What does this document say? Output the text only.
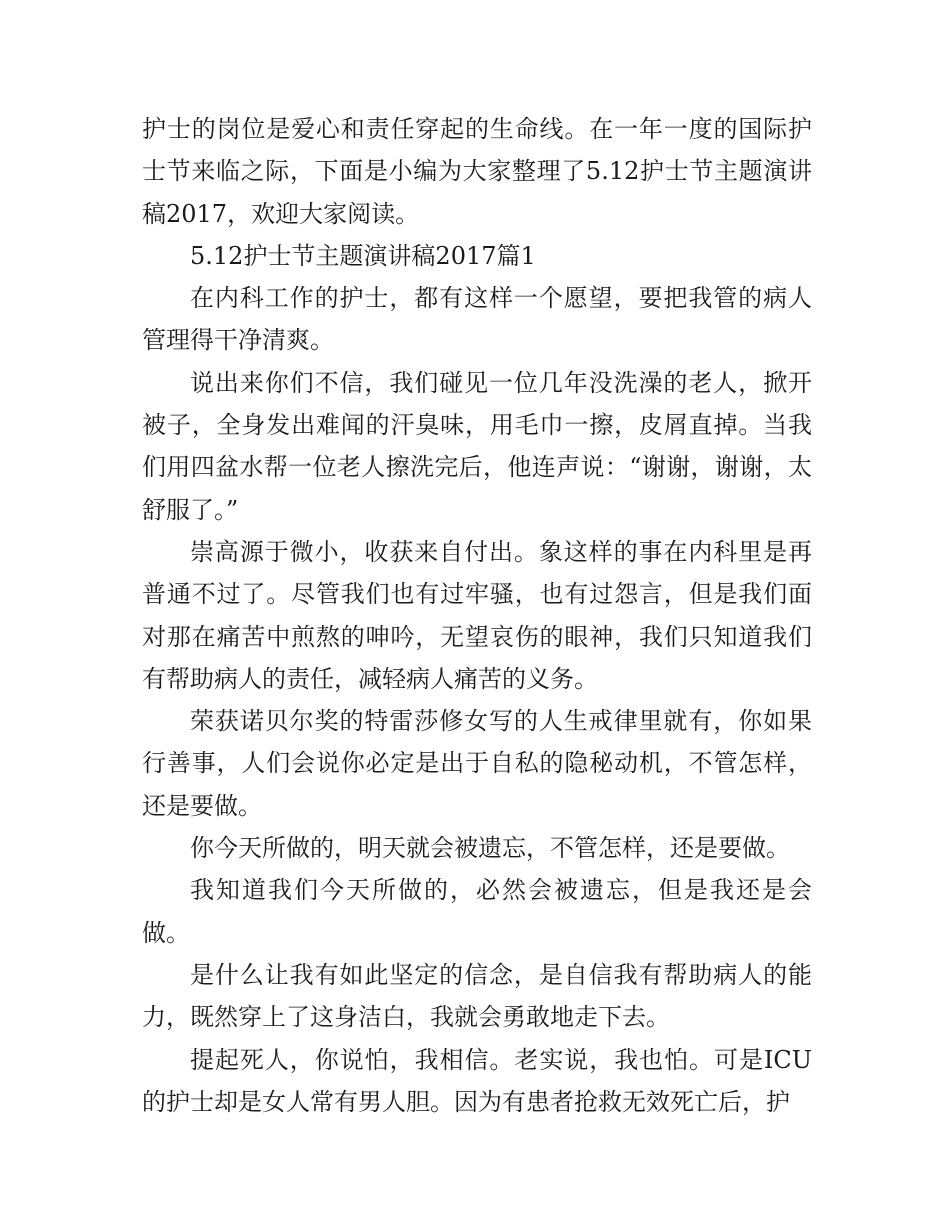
护士的岗位是爱心和责任穿起的生命线。在一年一度的国际护士节来临之际，下面是小编为大家整理了5.12护士节主题演讲稿2017，欢迎大家阅读。

5.12护士节主题演讲稿2017篇1

在内科工作的护士，都有这样一个愿望，要把我管的病人管理得干净清爽。

说出来你们不信，我们碰见一位几年没洗澡的老人，掀开被子，全身发出难闻的汗臭味，用毛巾一擦，皮屑直掉。当我们用四盆水帮一位老人擦洗完后，他连声说：“谢谢，谢谢，太舒服了。”

崇高源于微小，收获来自付出。象这样的事在内科里是再普通不过了。尽管我们也有过牢骚，也有过怨言，但是我们面对那在痛苦中煎熬的呻吟，无望哀伤的眼神，我们只知道我们有帮助病人的责任，减轻病人痛苦的义务。

荣获诺贝尔奖的特雷莎修女写的人生戒律里就有，你如果行善事，人们会说你必定是出于自私的隐秘动机，不管怎样，还是要做。

你今天所做的，明天就会被遗忘，不管怎样，还是要做。

我知道我们今天所做的，必然会被遗忘，但是我还是会做。

是什么让我有如此坚定的信念，是自信我有帮助病人的能力，既然穿上了这身洁白，我就会勇敢地走下去。

提起死人，你说怕，我相信。老实说，我也怕。可是ICU的护士却是女人常有男人胆。因为有患者抢救无效死亡后，护
